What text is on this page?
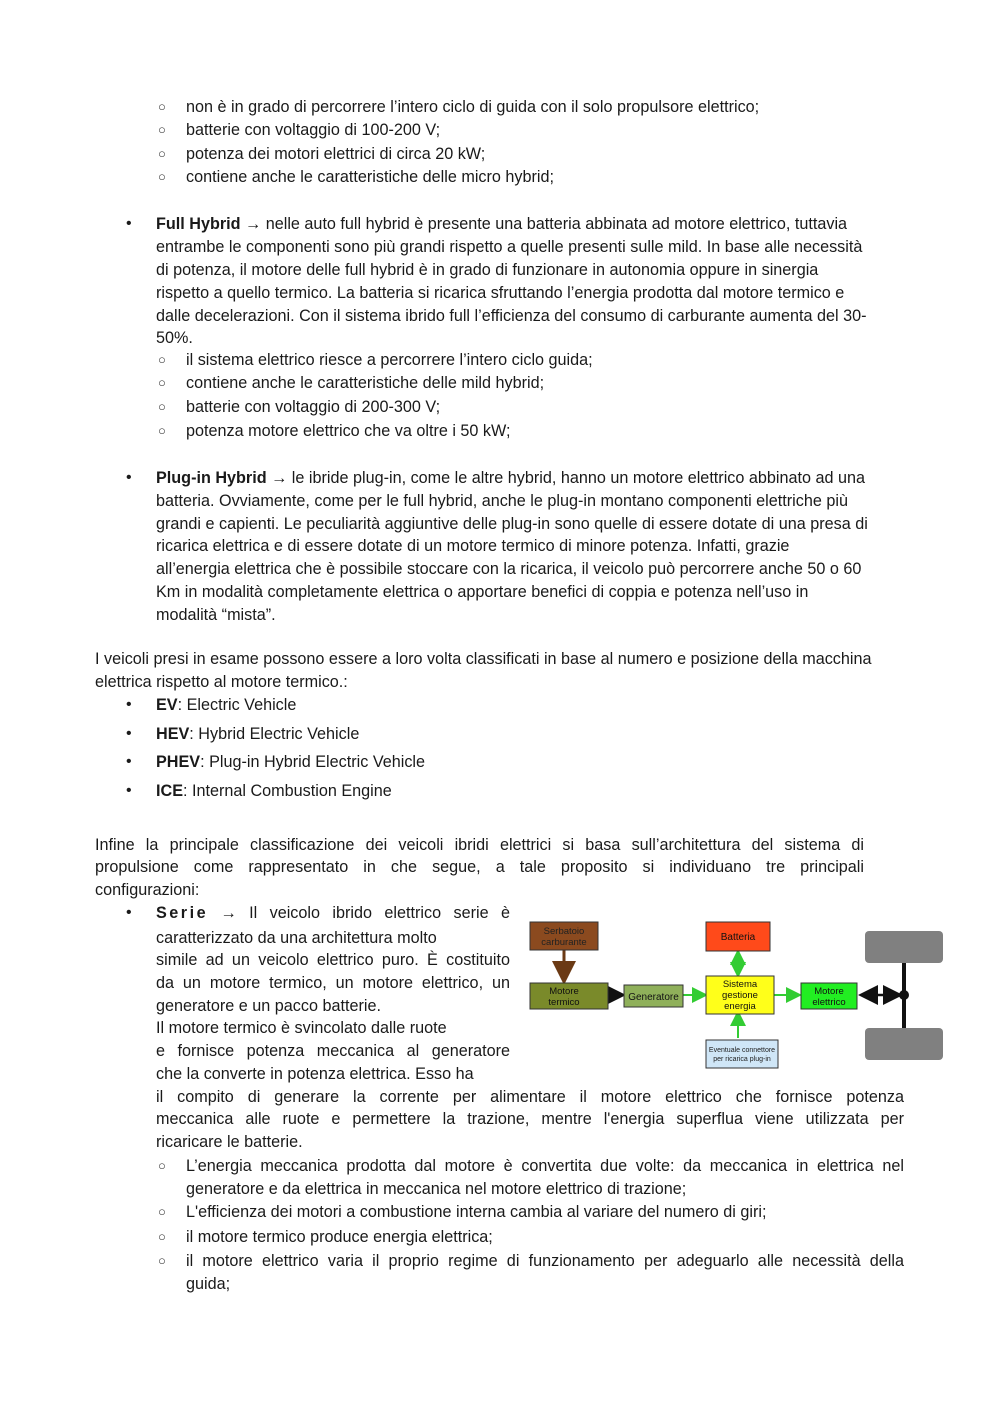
○ non è in grado di percorrere l’intero ciclo di guida con il solo propulsore elettrico;
○ batterie con voltaggio di 100-200 V;
○ potenza dei motori elettrici di circa 20 kW;
○ contiene anche le caratteristiche delle micro hybrid;
• Full Hybrid → nelle auto full hybrid è presente una batteria abbinata ad motore elettrico, tuttavia
entrambe le componenti sono più grandi rispetto a quelle presenti sulle mild. In base alle necessità
di potenza, il motore delle full hybrid è in grado di funzionare in autonomia oppure in sinergia
rispetto a quello termico. La batteria si ricarica sfruttando l’energia prodotta dal motore termico e
dalle decelerazioni. Con il sistema ibrido full l’efficienza del consumo di carburante aumenta del 30-
50%.
○ il sistema elettrico riesce a percorrere l’intero ciclo guida;
○ contiene anche le caratteristiche delle mild hybrid;
○ batterie con voltaggio di 200-300 V;
○ potenza motore elettrico che va oltre i 50 kW;
• Plug-in Hybrid → le ibride plug-in, come le altre hybrid, hanno un motore elettrico abbinato ad una
batteria. Ovviamente, come per le full hybrid, anche le plug-in montano componenti elettriche più
grandi e capienti. Le peculiarità aggiuntive delle plug-in sono quelle di essere dotate di una presa di
ricarica elettrica e di essere dotate di un motore termico di minore potenza. Infatti, grazie
all’energia elettrica che è possibile stoccare con la ricarica, il veicolo può percorrere anche 50 o 60
Km in modalità completamente elettrica o apportare benefici di coppia e potenza nell’uso in
modalità “mista”.
I veicoli presi in esame possono essere a loro volta classificati in base al numero e posizione della macchina
elettrica rispetto al motore termico.:
• EV: Electric Vehicle
• HEV: Hybrid Electric Vehicle
• PHEV: Plug-in Hybrid Electric Vehicle
• ICE: Internal Combustion Engine
Infine la principale classificazione dei veicoli ibridi elettrici si basa sull’architettura del sistema di
propulsione come rappresentato in che segue, a tale proposito si individuano tre principali
configurazioni:
• Serie → Il veicolo ibrido elettrico serie è
caratterizzato da una architettura molto
simile ad un veicolo elettrico puro. È costituito
da un motore termico, un motore elettrico, un
generatore e un pacco batterie.
Il motore termico è svincolato dalle ruote
e fornisce potenza meccanica al generatore
che la converte in potenza elettrica. Esso ha
il compito di generare la corrente per alimentare il motore elettrico che fornisce potenza
meccanica alle ruote e permettere la trazione, mentre l'energia superflua viene utilizzata per
ricaricare le batterie.
○ L’energia meccanica prodotta dal motore è convertita due volte: da meccanica in elettrica nel
generatore e da elettrica in meccanica nel motore elettrico di trazione;
○ L'efficienza dei motori a combustione interna cambia al variare del numero di giri;
○ il motore termico produce energia elettrica;
○ il motore elettrico varia il proprio regime di funzionamento per adeguarlo alle necessità della
guida;
Serbatoio
carburante
Motore
termico	Generatore
Batteria
Sistema
gestione
energia
Motore
elettrico
Eventuale connettore
per ricarica plug-in
